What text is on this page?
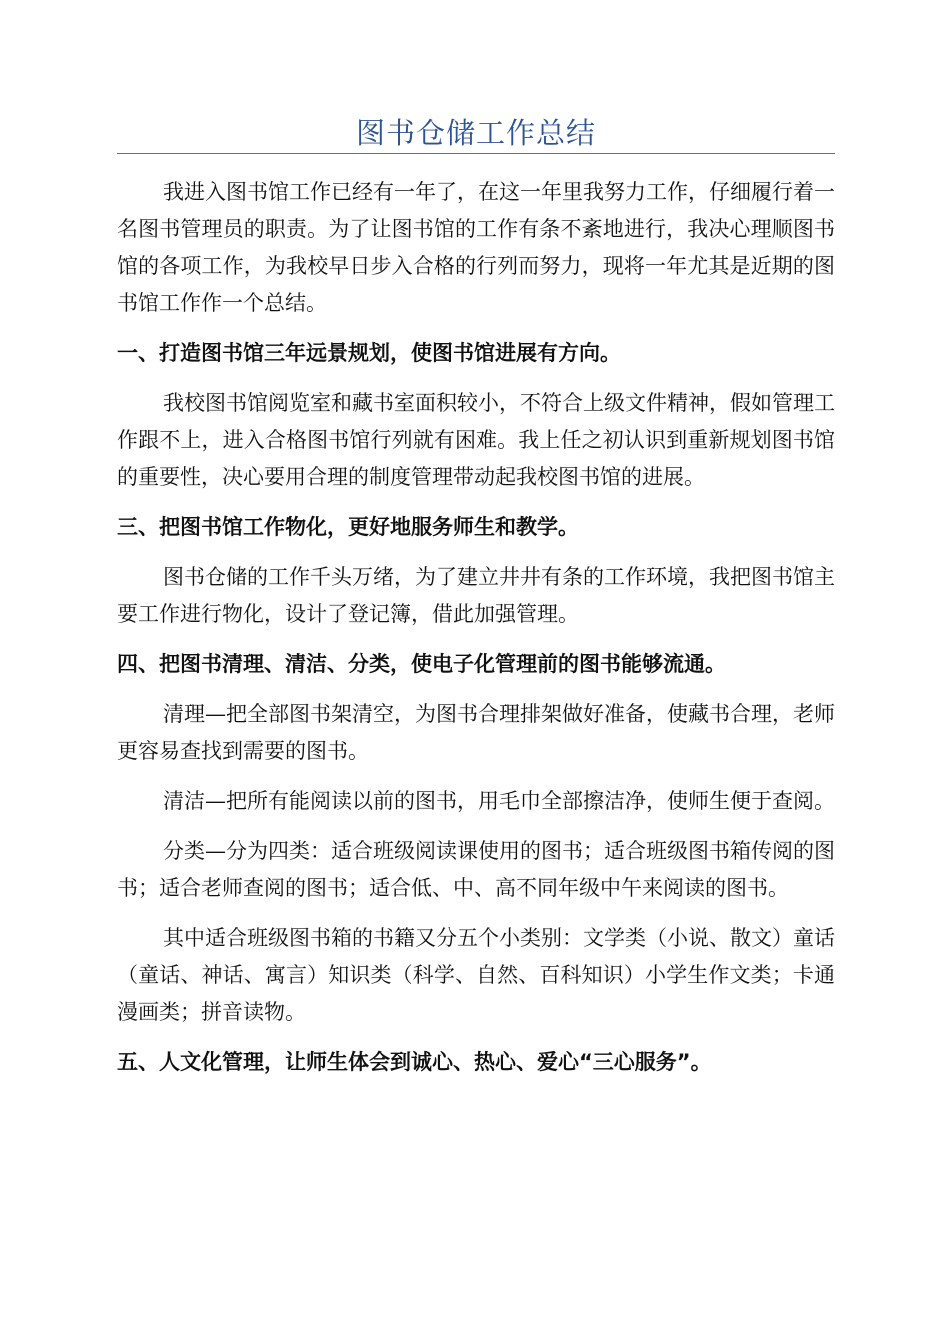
图书仓储工作总结

我进入图书馆工作已经有一年了，在这一年里我努力工作，仔细履行着一名图书管理员的职责。为了让图书馆的工作有条不紊地进行，我决心理顺图书馆的各项工作，为我校早日步入合格的行列而努力，现将一年尤其是近期的图书馆工作作一个总结。

一、打造图书馆三年远景规划，使图书馆进展有方向。

我校图书馆阅览室和藏书室面积较小，不符合上级文件精神，假如管理工作跟不上，进入合格图书馆行列就有困难。我上任之初认识到重新规划图书馆的重要性，决心要用合理的制度管理带动起我校图书馆的进展。

三、把图书馆工作物化，更好地服务师生和教学。

图书仓储的工作千头万绪，为了建立井井有条的工作环境，我把图书馆主要工作进行物化，设计了登记簿，借此加强管理。

四、把图书清理、清洁、分类，使电子化管理前的图书能够流通。

清理—把全部图书架清空，为图书合理排架做好准备，使藏书合理，老师更容易查找到需要的图书。

清洁—把所有能阅读以前的图书，用毛巾全部擦洁净，使师生便于查阅。

分类—分为四类：适合班级阅读课使用的图书；适合班级图书箱传阅的图书；适合老师查阅的图书；适合低、中、高不同年级中午来阅读的图书。

其中适合班级图书箱的书籍又分五个小类别：文学类（小说、散文）童话（童话、神话、寓言）知识类（科学、自然、百科知识）小学生作文类；卡通漫画类；拼音读物。

五、人文化管理，让师生体会到诚心、热心、爱心“三心服务”。
